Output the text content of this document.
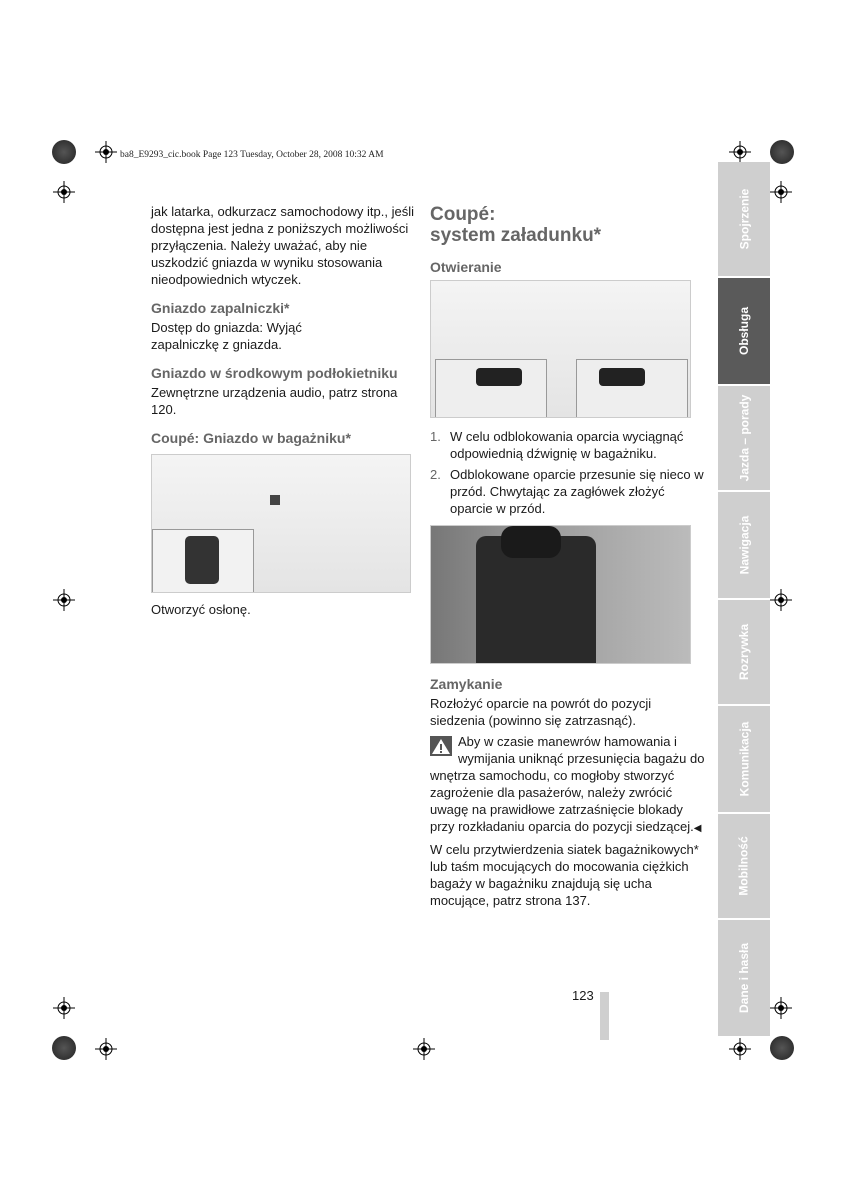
ba8_E9293_cic.book Page 123 Tuesday, October 28, 2008 10:32 AM

jak latarka, odkurzacz samochodowy itp., jeśli dostępna jest jedna z poniższych możliwości przyłączenia. Należy uważać, aby nie uszkodzić gniazda w wyniku stosowania nieodpowiednich wtyczek.

Gniazdo zapalniczki*

Dostęp do gniazda: Wyjąć zapalniczkę z gniazda.

Gniazdo w środkowym podłokietniku

Zewnętrzne urządzenia audio, patrz strona 120.

Coupé: Gniazdo w bagażniku*

Otworzyć osłonę.

Coupé:
system załadunku*
Otwieranie
1. W celu odblokowania oparcia wyciągnąć odpowiednią dźwignię w bagażniku.
2. Odblokowane oparcie przesunie się nieco w przód. Chwytając za zagłówek złożyć oparcie w przód.
Zamykanie

Rozłożyć oparcie na powrót do pozycji siedzenia (powinno się zatrzasnąć).

Aby w czasie manewrów hamowania i wymijania uniknąć przesunięcia bagażu do wnętrza samochodu, co mogłoby stworzyć zagrożenie dla pasażerów, należy zwrócić uwagę na prawidłowe zatrzaśnięcie blokady przy rozkładaniu oparcia do pozycji siedzącej.◀

W celu przytwierdzenia siatek bagażnikowych* lub taśm mocujących do mocowania ciężkich bagaży w bagażniku znajdują się ucha mocujące, patrz strona 137.

Spojrzenie
Obsługa
Jazda – porady
Nawigacja
Rozrywka
Komunikacja
Mobilność
Dane i hasła
123
